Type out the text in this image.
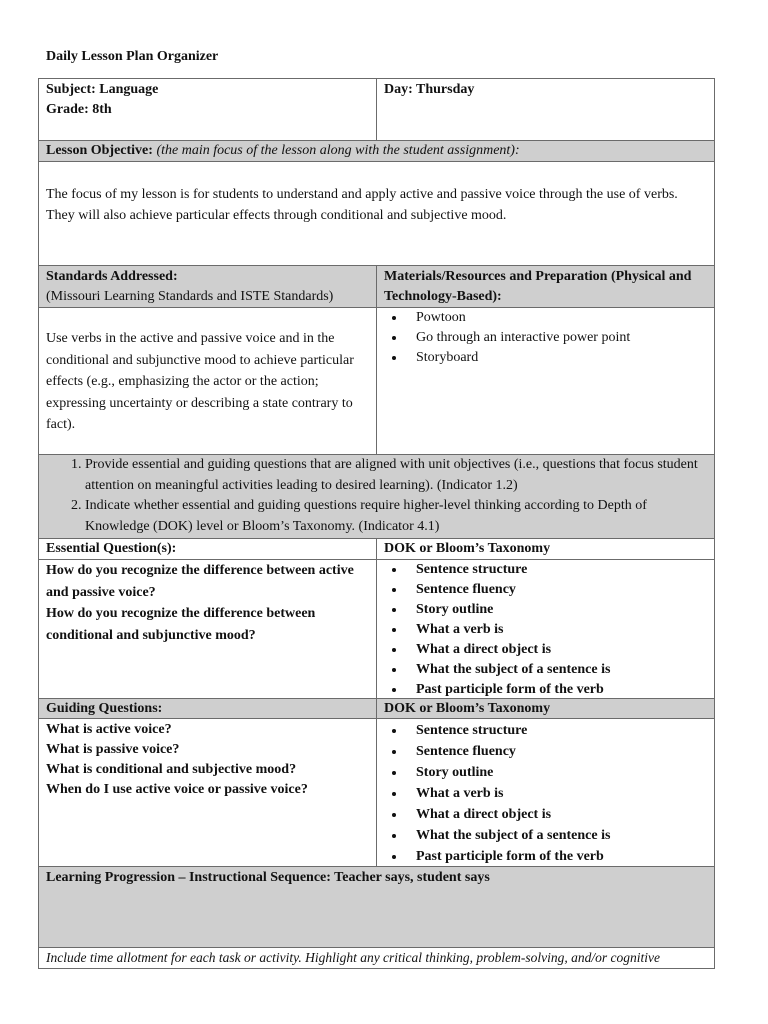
Daily Lesson Plan Organizer
Subject: Language
Grade: 8th
Day: Thursday
Lesson Objective: (the main focus of the lesson along with the student assignment):
The focus of my lesson is for students to understand and apply active and passive voice through the use of verbs. They will also achieve particular effects through conditional and subjective mood.
Standards Addressed:
(Missouri Learning Standards and ISTE Standards)
Materials/Resources and Preparation (Physical and Technology-Based):
Use verbs in the active and passive voice and in the conditional and subjunctive mood to achieve particular effects (e.g., emphasizing the actor or the action; expressing uncertainty or describing a state contrary to fact).
• Powtoon
• Go through an interactive power point
• Storyboard
1. Provide essential and guiding questions that are aligned with unit objectives (i.e., questions that focus student attention on meaningful activities leading to desired learning). (Indicator 1.2)
2. Indicate whether essential and guiding questions require higher-level thinking according to Depth of Knowledge (DOK) level or Bloom’s Taxonomy. (Indicator 4.1)
Essential Question(s):	DOK or Bloom’s Taxonomy
How do you recognize the difference between active and passive voice?
How do you recognize the difference between conditional and subjunctive mood?
• Sentence structure
• Sentence fluency
• Story outline
• What a verb is
• What a direct object is
• What the subject of a sentence is
• Past participle form of the verb
Guiding Questions:	DOK or Bloom’s Taxonomy
What is active voice?
What is passive voice?
What is conditional and subjective mood?
When do I use active voice or passive voice?
• Sentence structure
• Sentence fluency
• Story outline
• What a verb is
• What a direct object is
• What the subject of a sentence is
• Past participle form of the verb
Learning Progression – Instructional Sequence: Teacher says, student says
Include time allotment for each task or activity. Highlight any critical thinking, problem-solving, and/or cognitive
